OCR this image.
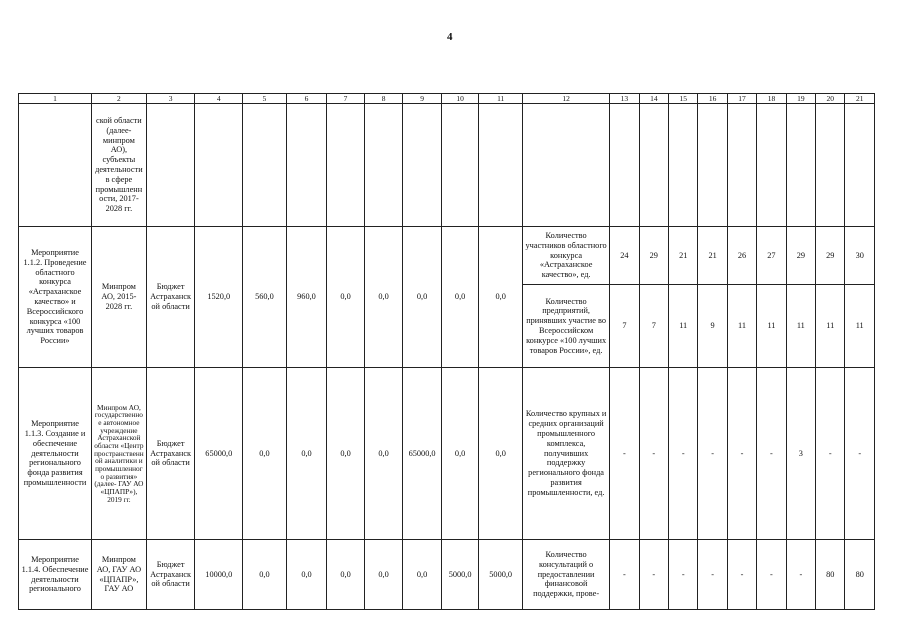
4
1	2	3	4	5	6	7	8	9	10	11	12	13	14	15	16	17	18	19	20	21
	ской области (далее- минпром АО), субъекты деятельности в сфере промышленности, 2017-2028 гг.																			
Мероприятие 1.1.2. Проведение областного конкурса «Астраханское качество» и Всероссийского конкурса «100 лучших товаров России»	Минпром АО, 2015-2028 гг.	Бюджет Астраханской области	1520,0	560,0	960,0	0,0	0,0	0,0	0,0	0,0	Количество участников областного конкурса «Астраханское качество», ед.	24	29	21	21	26	27	29	29	30
											Количество предприятий, принявших участие во Всероссийском конкурсе «100 лучших товаров России», ед.	7	7	11	9	11	11	11	11	11
Мероприятие 1.1.3. Создание и обеспечение деятельности регионального фонда развития промышленности	Минпром АО, государственное автономное учреждение Астраханской области «Центр пространственной аналитики и промышленного развития» (далее- ГАУ АО «ЦПАПР»), 2019 гг.	Бюджет Астраханской области	65000,0	0,0	0,0	0,0	0,0	65000,0	0,0	0,0	Количество крупных и средних организаций промышленного комплекса, получивших поддержку регионального фонда развития промышленности, ед.	-	-	-	-	-	-	3	-	-
Мероприятие 1.1.4. Обеспечение деятельности регионального	Минпром АО, ГАУ АО «ЦПАПР», ГАУ АО	Бюджет Астраханской области	10000,0	0,0	0,0	0,0	0,0	0,0	5000,0	5000,0	Количество консультаций о предоставлении финансовой поддержки, прове-	-	-	-	-	-	-	-	80	80
